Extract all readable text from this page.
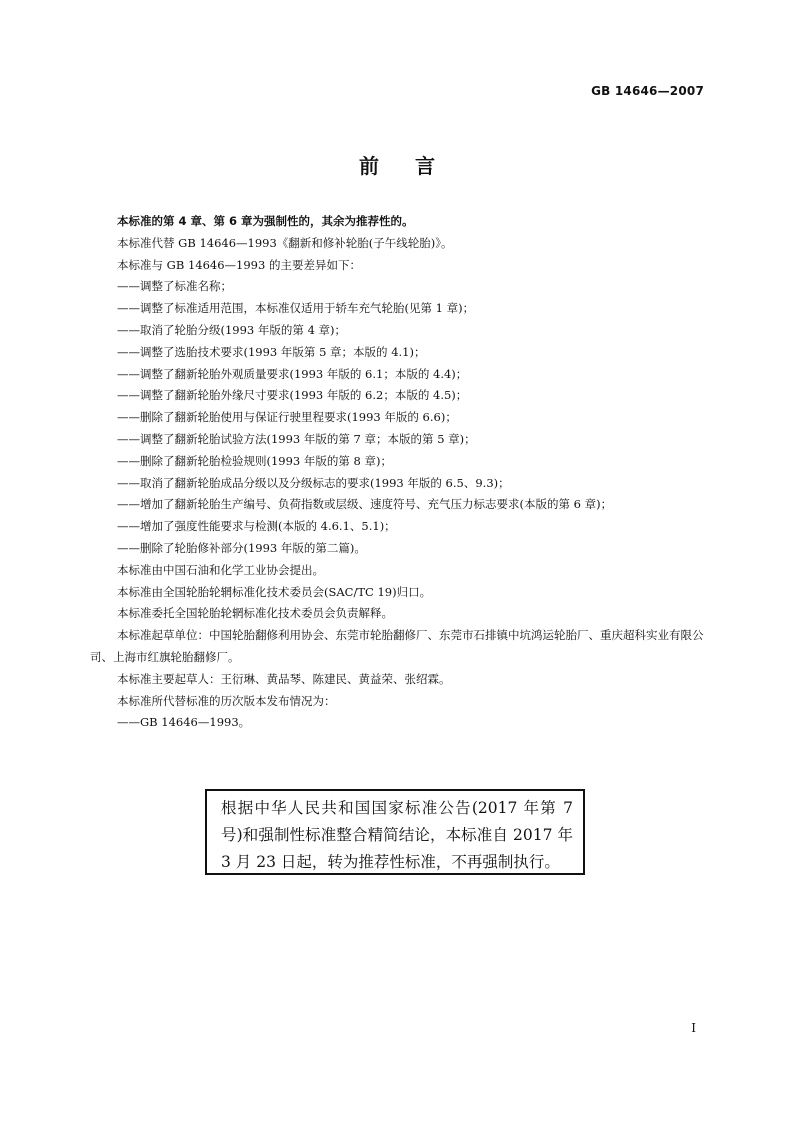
GB 14646—2007
前言

本标准的第 4 章、第 6 章为强制性的，其余为推荐性的。

本标准代替 GB 14646—1993《翻新和修补轮胎(子午线轮胎)》。

本标准与 GB 14646—1993 的主要差异如下：

——调整了标准名称；

——调整了标准适用范围，本标准仅适用于轿车充气轮胎(见第 1 章)；

——取消了轮胎分级(1993 年版的第 4 章)；

——调整了选胎技术要求(1993 年版第 5 章；本版的 4.1)；

——调整了翻新轮胎外观质量要求(1993 年版的 6.1；本版的 4.4)；

——调整了翻新轮胎外缘尺寸要求(1993 年版的 6.2；本版的 4.5)；

——删除了翻新轮胎使用与保证行驶里程要求(1993 年版的 6.6)；

——调整了翻新轮胎试验方法(1993 年版的第 7 章；本版的第 5 章)；

——删除了翻新轮胎检验规则(1993 年版的第 8 章)；

——取消了翻新轮胎成品分级以及分级标志的要求(1993 年版的 6.5、9.3)；

——增加了翻新轮胎生产编号、负荷指数或层级、速度符号、充气压力标志要求(本版的第 6 章)；

——增加了强度性能要求与检测(本版的 4.6.1、5.1)；

——删除了轮胎修补部分(1993 年版的第二篇)。

本标准由中国石油和化学工业协会提出。

本标准由全国轮胎轮辋标准化技术委员会(SAC/TC 19)归口。

本标准委托全国轮胎轮辋标准化技术委员会负责解释。

本标准起草单位：中国轮胎翻修利用协会、东莞市轮胎翻修厂、东莞市石排镇中坑鸿运轮胎厂、重庆超科实业有限公司、上海市红旗轮胎翻修厂。

本标准主要起草人：王衍琳、黄品琴、陈建民、黄益荣、张绍霖。

本标准所代替标准的历次版本发布情况为：

——GB 14646—1993。

根据中华人民共和国国家标准公告(2017 年第 7 号)和强制性标准整合精简结论，本标准自 2017 年 3 月 23 日起，转为推荐性标准，不再强制执行。
I
